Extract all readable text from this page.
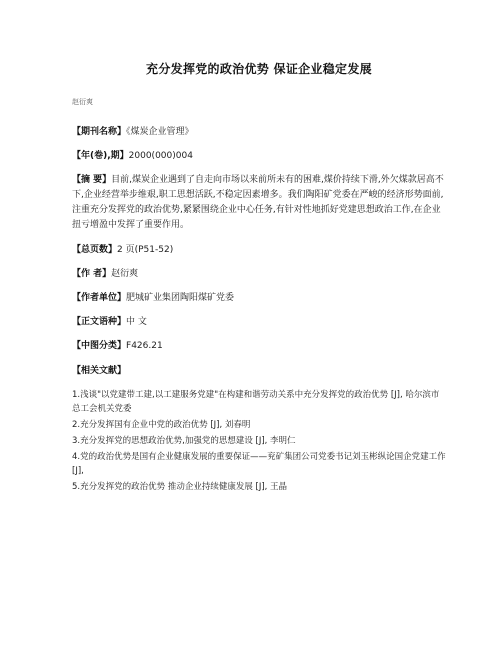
充分发挥党的政治优势 保证企业稳定发展
赵衍爽
【期刊名称】《煤炭企业管理》
【年(卷),期】2000(000)004
【摘 要】目前,煤炭企业遇到了自走向市场以来前所未有的困难,煤价持续下滑,外欠煤款居高不下,企业经营举步维艰,职工思想活跃,不稳定因素增多。我们陶阳矿党委在严峻的经济形势面前,注重充分发挥党的政治优势,紧紧围绕企业中心任务,有针对性地抓好党建思想政治工作,在企业扭亏增盈中发挥了重要作用。
【总页数】2 页(P51-52)
【作 者】赵衍爽
【作者单位】肥城矿业集团陶阳煤矿党委
【正文语种】中 文
【中图分类】F426.21
【相关文献】
1.浅谈"以党建带工建,以工建服务党建"在构建和谐劳动关系中充分发挥党的政治优势 [J], 哈尔滨市总工会机关党委
2.充分发挥国有企业中党的政治优势 [J], 刘春明
3.充分发挥党的思想政治优势,加强党的思想建设 [J], 李明仁
4.党的政治优势是国有企业健康发展的重要保证——兖矿集团公司党委书记刘玉彬纵论国企党建工作 [J],
5.充分发挥党的政治优势 推动企业持续健康发展 [J], 王晶
